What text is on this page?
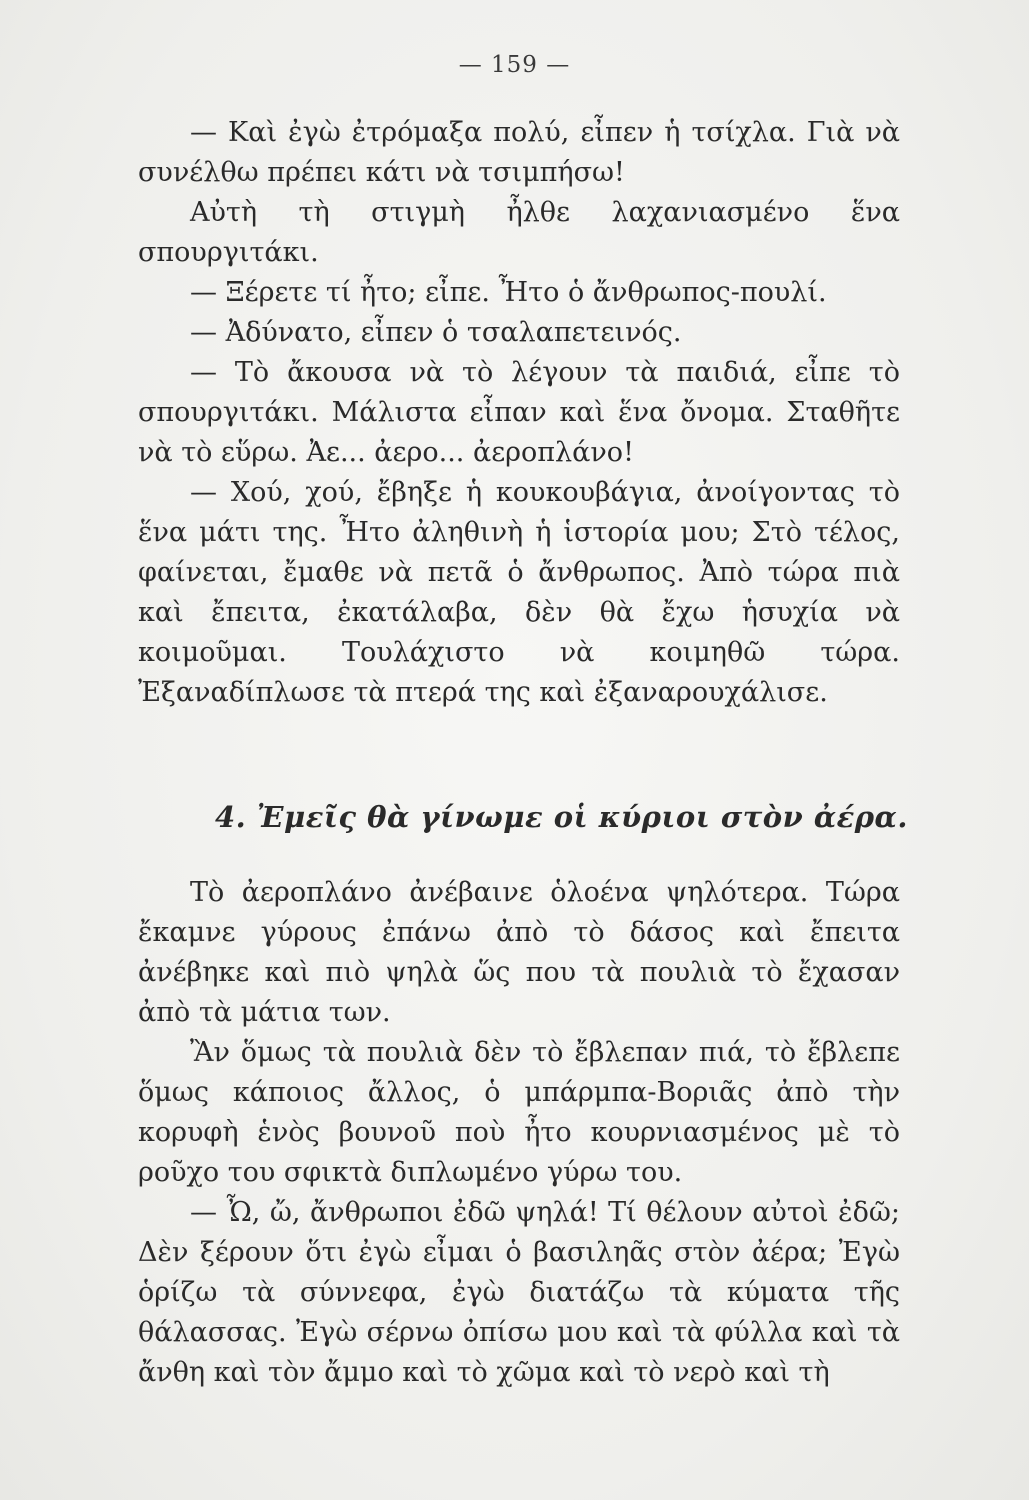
— 159 —

— Καὶ ἐγὼ ἐτρόμαξα πολύ, εἶπεν ἡ τσίχλα. Γιὰ νὰ συνέλθω πρέπει κάτι νὰ τσιμπήσω!

Αὐτὴ τὴ στιγμὴ ἦλθε λαχανιασμένο ἕνα σπουργιτάκι.

— Ξέρετε τί ἦτο; εἶπε. Ἦτο ὁ ἄνθρωπος-πουλί.

— Ἀδύνατο, εἶπεν ὁ τσαλαπετεινός.

— Τὸ ἄκουσα νὰ τὸ λέγουν τὰ παιδιά, εἶπε τὸ σπουργιτάκι. Μάλιστα εἶπαν καὶ ἕνα ὄνομα. Σταθῆτε νὰ τὸ εὕρω. Ἀε... ἀερο... ἀεροπλάνο!

— Χού, χού, ἔβηξε ἡ κουκουβάγια, ἀνοίγοντας τὸ ἕνα μάτι της. Ἦτο ἀληθινὴ ἡ ἱστορία μου; Στὸ τέλος, φαίνεται, ἔμαθε νὰ πετᾶ ὁ ἄνθρωπος. Ἀπὸ τώρα πιὰ καὶ ἔπειτα, ἐκατάλαβα, δὲν θὰ ἔχω ἡσυχία νὰ κοιμοῦμαι. Τουλάχιστο νὰ κοιμηθῶ τώρα. Ἐξαναδίπλωσε τὰ πτερά της καὶ ἐξαναρουχάλισε.

4. Ἐμεῖς θὰ γίνωμε οἱ κύριοι στὸν ἀέρα.

Τὸ ἀεροπλάνο ἀνέβαινε ὁλοένα ψηλότερα. Τώρα ἔκαμνε γύρους ἐπάνω ἀπὸ τὸ δάσος καὶ ἔπειτα ἀνέβηκε καὶ πιὸ ψηλὰ ὥς που τὰ πουλιὰ τὸ ἔχασαν ἀπὸ τὰ μάτια των.

Ἂν ὅμως τὰ πουλιὰ δὲν τὸ ἔβλεπαν πιά, τὸ ἔβλεπε ὅμως κάποιος ἄλλος, ὁ μπάρμπα-Βοριᾶς ἀπὸ τὴν κορυφὴ ἑνὸς βουνοῦ ποὺ ἦτο κουρνιασμένος μὲ τὸ ροῦχο του σφικτὰ διπλωμένο γύρω του.

— Ὦ, ὤ, ἄνθρωποι ἐδῶ ψηλά! Τί θέλουν αὐτοὶ ἐδῶ; Δὲν ξέρουν ὅτι ἐγὼ εἶμαι ὁ βασιληᾶς στὸν ἀέρα; Ἐγὼ ὁρίζω τὰ σύννεφα, ἐγὼ διατάζω τὰ κύματα τῆς θάλασσας. Ἐγὼ σέρνω ὀπίσω μου καὶ τὰ φύλλα καὶ τὰ ἄνθη καὶ τὸν ἄμμο καὶ τὸ χῶμα καὶ τὸ νερὸ καὶ τὴ
